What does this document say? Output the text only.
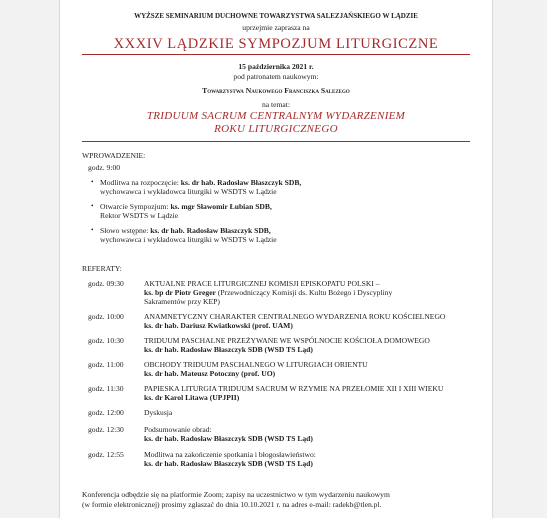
WYŻSZE SEMINARIUM DUCHOWNE TOWARZYSTWA SALEZJAŃSKIEGO W LĄDZIE
uprzejmie zaprasza na
XXXIV LĄDZKIE SYMPOZJUM LITURGICZNE
15 października 2021 r.
pod patronatem naukowym:
Towarzystwa Naukowego Franciszka Salezego
na temat:
TRIDUUM SACRUM CENTRALNYM WYDARZENIEM
ROKU LITURGICZNEGO
WPROWADZENIE:
godz. 9:00
• Modlitwa na rozpoczęcie: ks. dr hab. Radosław Błaszczyk SDB,
wychowawca i wykładowca liturgiki w WSDTS w Lądzie
• Otwarcie Sympozjum: ks. mgr Sławomir Łubian SDB,
Rektor WSDTS w Lądzie
• Słowo wstępne: ks. dr hab. Radosław Błaszczyk SDB,
wychowawca i wykładowca liturgiki w WSDTS w Lądzie
REFERATY:
godz. 09:30	AKTUALNE PRACE LITURGICZNEJ KOMISJI EPISKOPATU POLSKI –
ks. bp dr Piotr Greger (Przewodniczący Komisji ds. Kultu Bożego i Dyscypliny
Sakramentów przy KEP)
godz. 10:00	ANAMNETYCZNY CHARAKTER CENTRALNEGO WYDARZENIA ROKU KOŚCIELNEGO
ks. dr hab. Dariusz Kwiatkowski (prof. UAM)
godz. 10:30	TRIDUUM PASCHALNE PRZEŻYWANE WE WSPÓLNOCIE KOŚCIOŁA DOMOWEGO
ks. dr hab. Radosław Błaszczyk SDB (WSD TS Ląd)
godz. 11:00	OBCHODY TRIDUUM PASCHALNEGO W LITURGIACH ORIENTU
ks. dr hab. Mateusz Potoczny (prof. UO)
godz. 11:30	PAPIESKA LITURGIA TRIDUUM SACRUM W RZYMIE NA PRZEŁOMIE XII I XIII WIEKU
ks. dr Karol Litawa (UPJPII)
godz. 12:00	Dyskusja
godz. 12:30	Podsumowanie obrad:
ks. dr hab. Radosław Błaszczyk SDB (WSD TS Ląd)
godz. 12:55	Modlitwa na zakończenie spotkania i błogosławieństwo:
ks. dr hab. Radosław Błaszczyk SDB (WSD TS Ląd)
Konferencja odbędzie się na platformie Zoom; zapisy na uczestnictwo w tym wydarzeniu naukowym
(w formie elektronicznej) prosimy zgłaszać do dnia 10.10.2021 r. na adres e-mail: radekb@tlen.pl.
